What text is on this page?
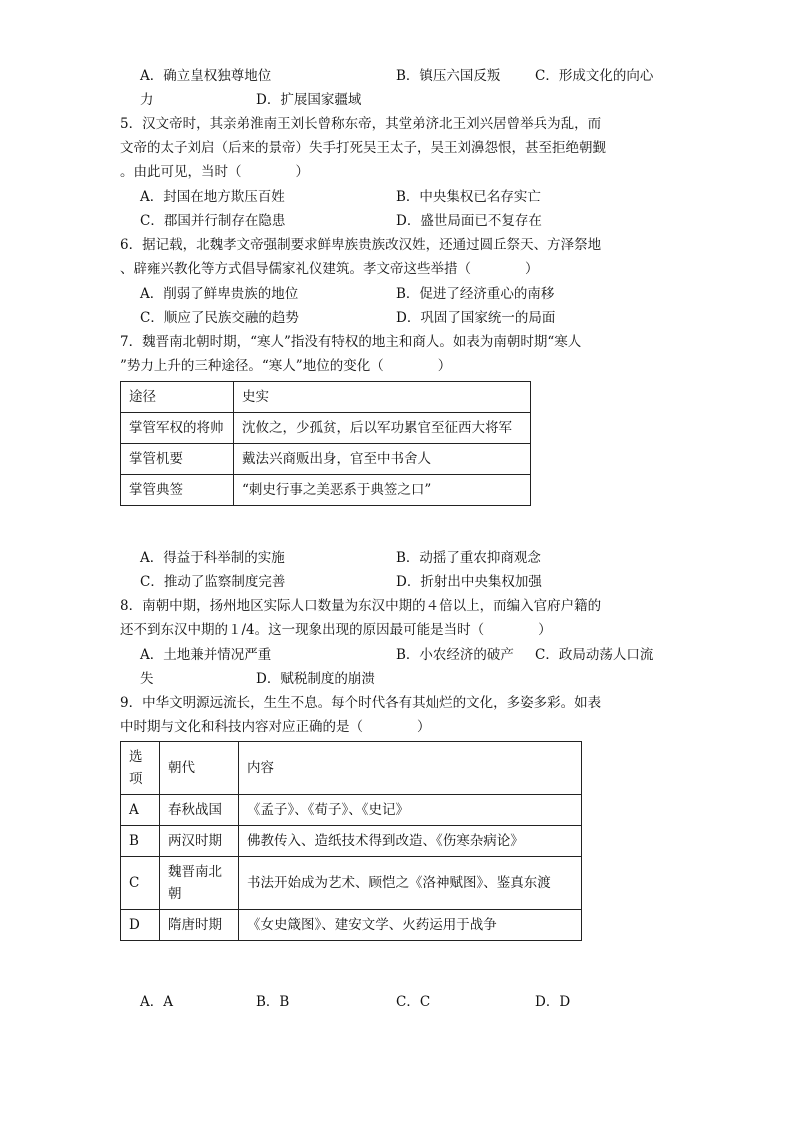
A．确立皇权独尊地位	B．镇压六国反叛	C．形成文化的向心
力	D．扩展国家疆域
5．汉文帝时，其亲弟淮南王刘长曾称东帝，其堂弟济北王刘兴居曾举兵为乱，而
文帝的太子刘启（后来的景帝）失手打死吴王太子，吴王刘濞怨恨，甚至拒绝朝觐
。由此可见，当时（　　　　）
A．封国在地方欺压百姓	B．中央集权已名存实亡
C．郡国并行制存在隐患	D．盛世局面已不复存在
6．据记载，北魏孝文帝强制要求鲜卑族贵族改汉姓，还通过圆丘祭天、方泽祭地
、辟雍兴教化等方式倡导儒家礼仪建筑。孝文帝这些举措（　　　　）
A．削弱了鲜卑贵族的地位	B．促进了经济重心的南移
C．顺应了民族交融的趋势	D．巩固了国家统一的局面
7．魏晋南北朝时期，“寒人”指没有特权的地主和商人。如表为南朝时期“寒人
”势力上升的三种途径。“寒人”地位的变化（　　　　）
途径	史实
掌管军权的将帅	沈攸之，少孤贫，后以军功累官至征西大将军
掌管机要	戴法兴商贩出身，官至中书舍人
掌管典签	“刺史行事之美恶系于典签之口”
A．得益于科举制的实施	B．动摇了重农抑商观念
C．推动了监察制度完善	D．折射出中央集权加强
8．南朝中期，扬州地区实际人口数量为东汉中期的４倍以上，而编入官府户籍的
还不到东汉中期的１/4。这一现象出现的原因最可能是当时（　　　　）
A．土地兼并情况严重	B．小农经济的破产 C．政局动荡人口流
失	D．赋税制度的崩溃
9．中华文明源远流长，生生不息。每个时代各有其灿烂的文化，多姿多彩。如表
中时期与文化和科技内容对应正确的是（　　　　）
选项	朝代	内容
A	春秋战国	《孟子》、《荀子》、《史记》
B	两汉时期	佛教传入、造纸技术得到改造、《伤寒杂病论》
C	魏晋南北朝	书法开始成为艺术、顾恺之《洛神赋图》、鉴真东渡
D	隋唐时期	《女史箴图》、建安文学、火药运用于战争
A．A	B．B	C．C	D．D
